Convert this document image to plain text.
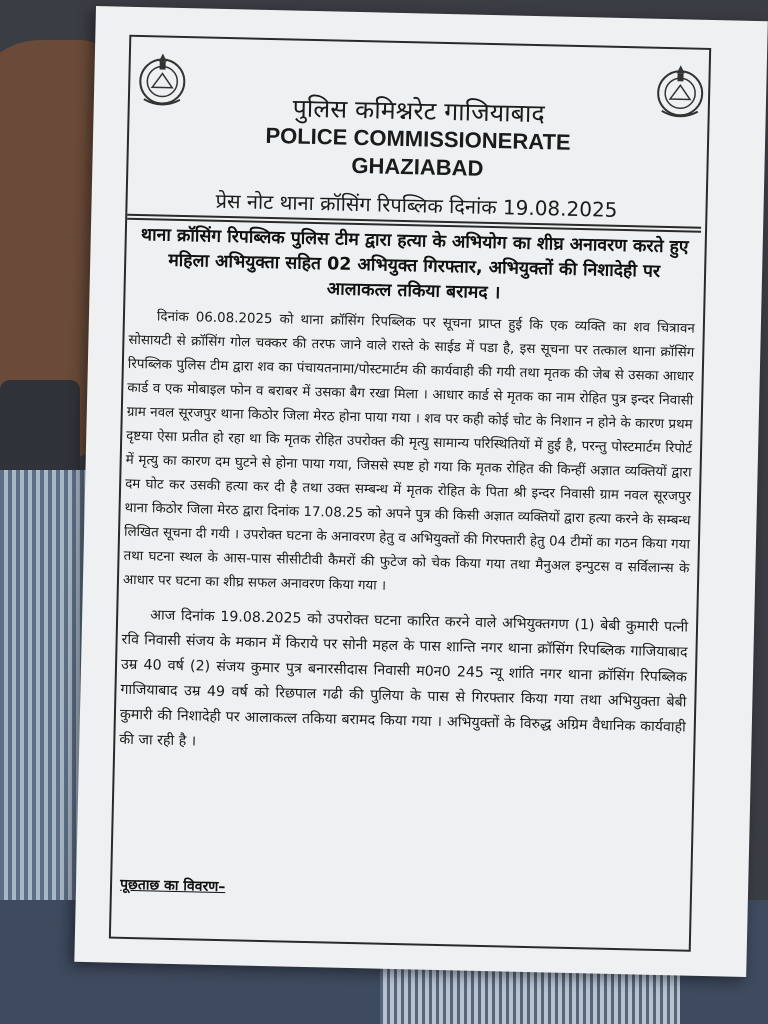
पुलिस कमिश्नरेट गाजियाबाद
POLICE COMMISSIONERATE
GHAZIABAD
प्रेस नोट थाना क्रॉसिंग रिपब्लिक दिनांक 19.08.2025
थाना क्रॉसिंग रिपब्लिक पुलिस टीम द्वारा हत्या के अभियोग का शीघ्र अनावरण करते हुए महिला अभियुक्ता सहित 02 अभियुक्त गिरफ्तार, अभियुक्तों की निशादेही पर आलाकत्ल तकिया बरामद ।

दिनांक 06.08.2025 को थाना क्रॉसिंग रिपब्लिक पर सूचना प्राप्त हुई कि एक व्यक्ति का शव चित्रावन सोसायटी से क्रॉसिंग गोल चक्कर की तरफ जाने वाले रास्ते के साईड में पडा है, इस सूचना पर तत्काल थाना क्रॉसिंग रिपब्लिक पुलिस टीम द्वारा शव का पंचायतनामा/पोस्टमार्टम की कार्यवाही की गयी तथा मृतक की जेब से उसका आधार कार्ड व एक मोबाइल फोन व बराबर में उसका बैग रखा मिला । आधार कार्ड से मृतक का नाम रोहित पुत्र इन्दर निवासी ग्राम नवल सूरजपुर थाना किठोर जिला मेरठ होना पाया गया । शव पर कही कोई चोट के निशान न होने के कारण प्रथम दृष्टया ऐसा प्रतीत हो रहा था कि मृतक रोहित उपरोक्त की मृत्यु सामान्य परिस्थितियों में हुई है, परन्तु पोस्टमार्टम रिपोर्ट में मृत्यु का कारण दम घुटने से होना पाया गया, जिससे स्पष्ट हो गया कि मृतक रोहित की किन्हीं अज्ञात व्यक्तियों द्वारा दम घोट कर उसकी हत्या कर दी है तथा उक्त सम्बन्ध में मृतक रोहित के पिता श्री इन्दर निवासी ग्राम नवल सूरजपुर थाना किठोर जिला मेरठ द्वारा दिनांक 17.08.25 को अपने पुत्र की किसी अज्ञात व्यक्तियों द्वारा हत्या करने के सम्बन्ध लिखित सूचना दी गयी । उपरोक्त घटना के अनावरण हेतु व अभियुक्तों की गिरफ्तारी हेतु 04 टीमों का गठन किया गया तथा घटना स्थल के आस-पास सीसीटीवी कैमरों की फुटेज को चेक किया गया तथा मैनुअल इन्पुटस व सर्विलान्स के आधार पर घटना का शीघ्र सफल अनावरण किया गया ।

आज दिनांक 19.08.2025 को उपरोक्त घटना कारित करने वाले अभियुक्तगण (1) बेबी कुमारी पत्नी रवि निवासी संजय के मकान में किराये पर सोनी महल के पास शान्ति नगर थाना क्रॉसिंग रिपब्लिक गाजियाबाद उम्र 40 वर्ष (2) संजय कुमार पुत्र बनारसीदास निवासी म0न0 245 न्यू शांति नगर थाना क्रॉसिंग रिपब्लिक गाजियाबाद उम्र 49 वर्ष को रिछपाल गढी की पुलिया के पास से गिरफ्तार किया गया तथा अभियुक्ता बेबी कुमारी की निशादेही पर आलाकत्ल तकिया बरामद किया गया । अभियुक्तों के विरुद्ध अग्रिम वैधानिक कार्यवाही की जा रही है ।

पूछताछ का विवरण–
